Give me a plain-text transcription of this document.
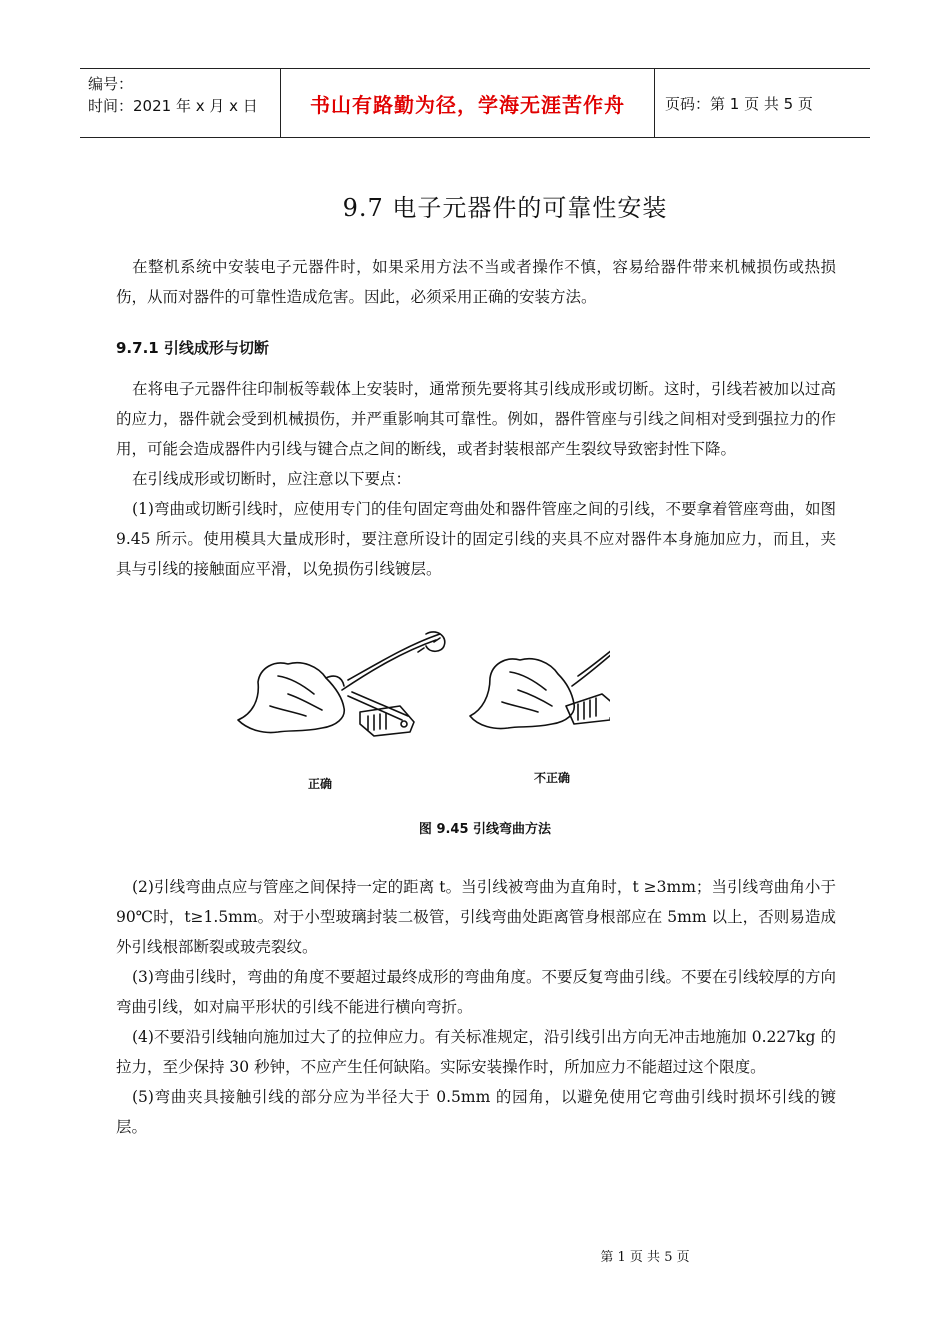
编号：
时间：2021 年 x 月 x 日	书山有路勤为径，学海无涯苦作舟	页码：第 1 页 共 5 页
9.7 电子元器件的可靠性安装

在整机系统中安装电子元器件时，如果采用方法不当或者操作不慎，容易给器件带来机械损伤或热损伤，从而对器件的可靠性造成危害。因此，必须采用正确的安装方法。

9.7.1 引线成形与切断

在将电子元器件往印制板等载体上安装时，通常预先要将其引线成形或切断。这时，引线若被加以过高的应力，器件就会受到机械损伤，并严重影响其可靠性。例如，器件管座与引线之间相对受到强拉力的作用，可能会造成器件内引线与键合点之间的断线，或者封装根部产生裂纹导致密封性下降。

在引线成形或切断时，应注意以下要点：

(1)弯曲或切断引线时，应使用专门的佳句固定弯曲处和器件管座之间的引线，不要拿着管座弯曲，如图 9.45 所示。使用模具大量成形时，要注意所设计的固定引线的夹具不应对器件本身施加应力，而且，夹具与引线的接触面应平滑，以免损伤引线镀层。

正确	不正确
图 9.45 引线弯曲方法

(2)引线弯曲点应与管座之间保持一定的距离 t。当引线被弯曲为直角时，t ≥3mm；当引线弯曲角小于 90℃时，t≥1.5mm。对于小型玻璃封装二极管，引线弯曲处距离管身根部应在 5mm 以上，否则易造成外引线根部断裂或玻壳裂纹。

(3)弯曲引线时，弯曲的角度不要超过最终成形的弯曲角度。不要反复弯曲引线。不要在引线较厚的方向弯曲引线，如对扁平形状的引线不能进行横向弯折。

(4)不要沿引线轴向施加过大了的拉伸应力。有关标准规定，沿引线引出方向无冲击地施加 0.227kg 的拉力，至少保持 30 秒钟，不应产生任何缺陷。实际安装操作时，所加应力不能超过这个限度。

(5)弯曲夹具接触引线的部分应为半径大于 0.5mm 的园角，以避免使用它弯曲引线时损坏引线的镀层。

第 1 页 共 5 页
